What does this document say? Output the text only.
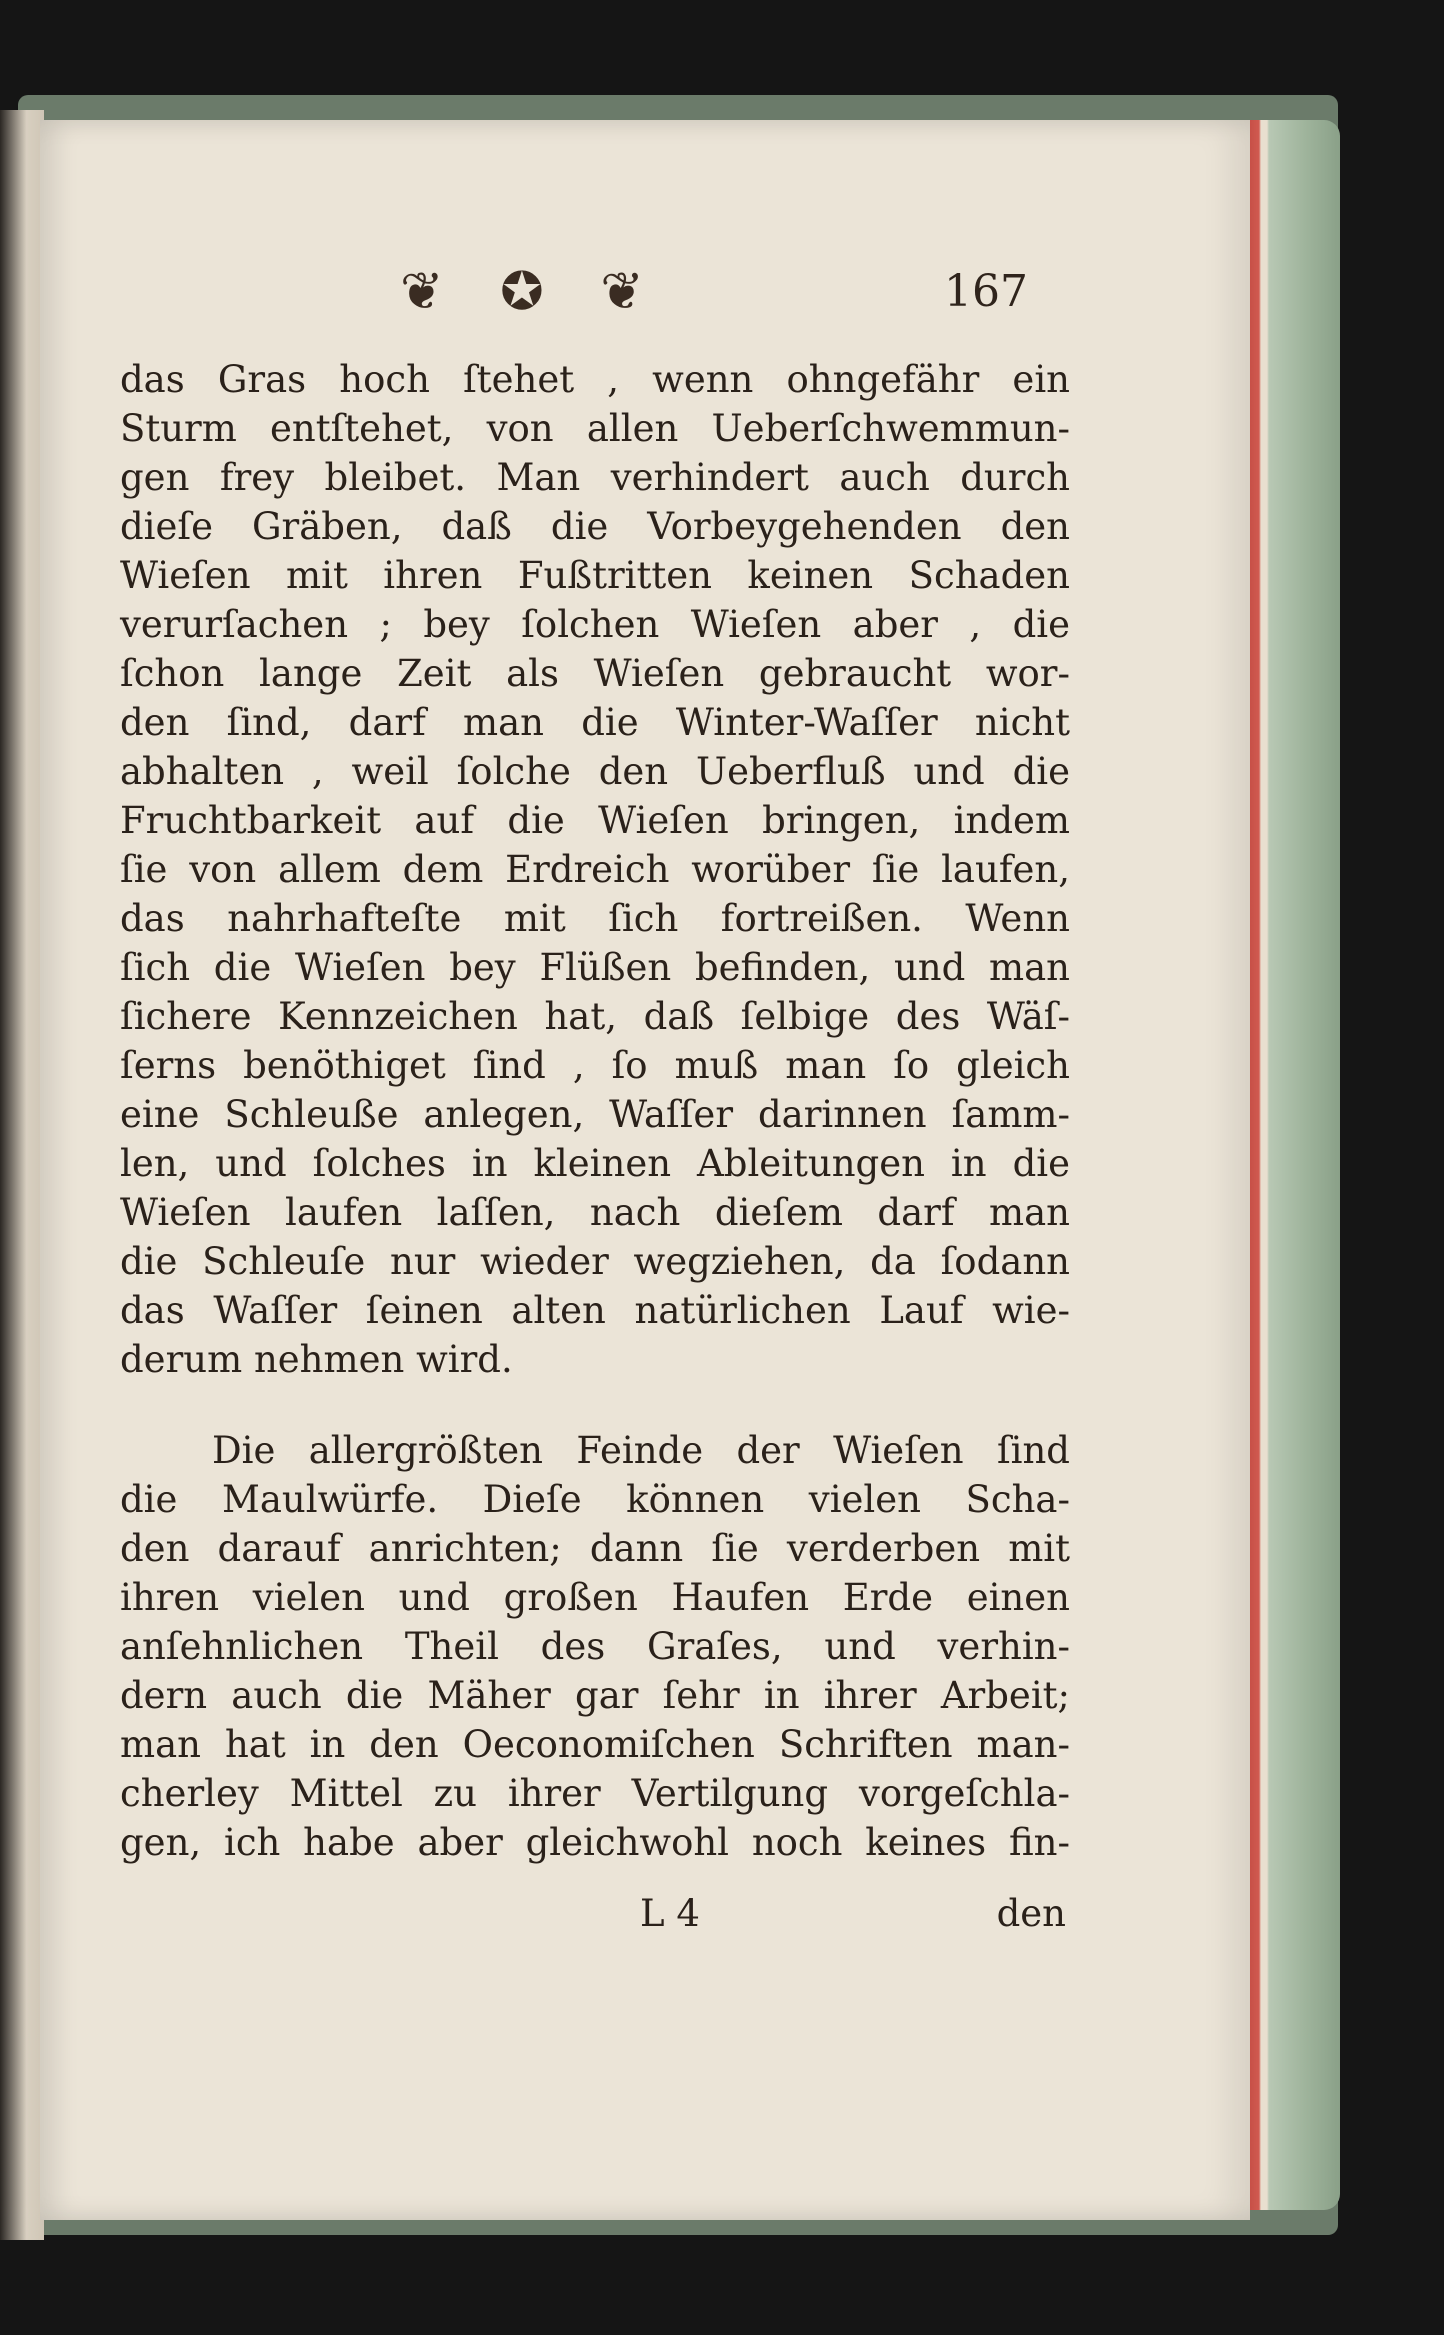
❦ ✪ ❦	167
das Gras hoch ſtehet , wenn ohngefähr ein
Sturm entſtehet, von allen Ueberſchwemmun-
gen frey bleibet. Man verhindert auch durch
dieſe Gräben, daß die Vorbeygehenden den
Wieſen mit ihren Fußtritten keinen Schaden
verurſachen ; bey ſolchen Wieſen aber , die
ſchon lange Zeit als Wieſen gebraucht wor-
den ſind, darf man die Winter-Waſſer nicht
abhalten , weil ſolche den Ueberfluß und die
Fruchtbarkeit auf die Wieſen bringen, indem
ſie von allem dem Erdreich worüber ſie laufen,
das nahrhafteſte mit ſich fortreißen. Wenn
ſich die Wieſen bey Flüßen befinden, und man
ſichere Kennzeichen hat, daß ſelbige des Wäſ-
ſerns benöthiget ſind , ſo muß man ſo gleich
eine Schleuße anlegen, Waſſer darinnen ſamm-
len, und ſolches in kleinen Ableitungen in die
Wieſen laufen laſſen, nach dieſem darf man
die Schleuſe nur wieder wegziehen, da ſodann
das Waſſer ſeinen alten natürlichen Lauf wie-
derum nehmen wird.
Die allergrößten Feinde der Wieſen ſind
die Maulwürfe. Dieſe können vielen Scha-
den darauf anrichten; dann ſie verderben mit
ihren vielen und großen Haufen Erde einen
anſehnlichen Theil des Graſes, und verhin-
dern auch die Mäher gar ſehr in ihrer Arbeit;
man hat in den Oeconomiſchen Schriften man-
cherley Mittel zu ihrer Vertilgung vorgeſchla-
gen, ich habe aber gleichwohl noch keines fin-
L 4	den
